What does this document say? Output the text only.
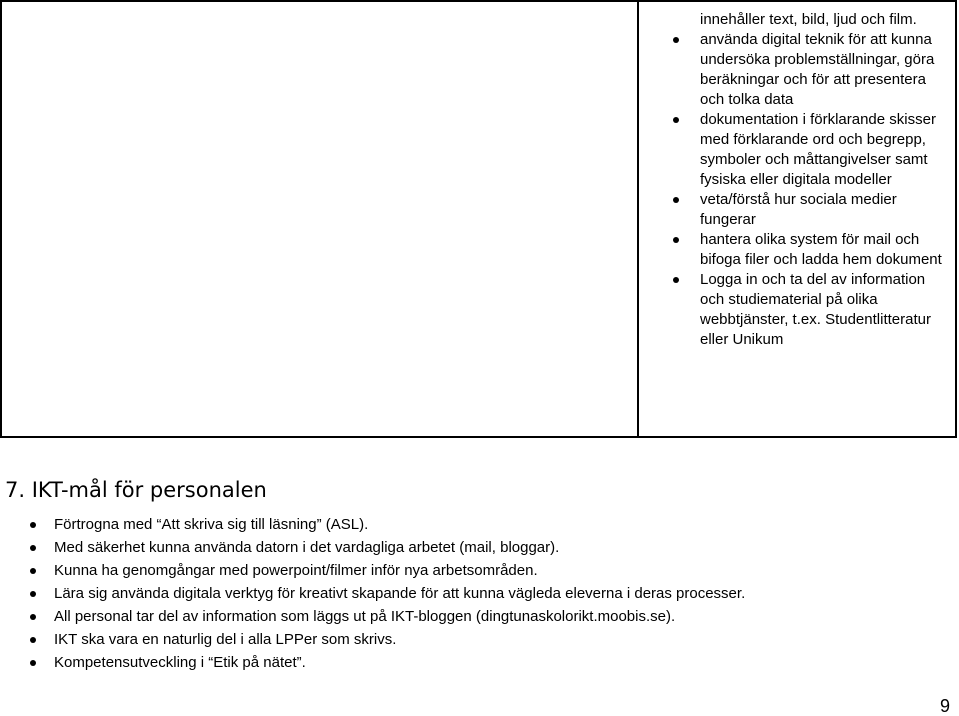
innehåller text, bild, ljud och film.
använda digital teknik för att kunna undersöka problemställningar, göra beräkningar och för att presentera och tolka data
dokumentation i förklarande skisser med förklarande ord och begrepp, symboler och måttangivelser samt fysiska eller digitala modeller
veta/förstå hur sociala medier fungerar
hantera olika system för mail och bifoga filer och ladda hem dokument
Logga in och ta del av information och studiematerial på olika webbtjänster, t.ex. Studentlitteratur eller Unikum
7. IKT-mål för personalen
Förtrogna med “Att skriva sig till läsning” (ASL).
Med säkerhet kunna använda datorn i det vardagliga arbetet (mail, bloggar).
Kunna ha genomgångar med powerpoint/filmer inför nya arbetsområden.
Lära sig använda digitala verktyg för kreativt skapande för att kunna vägleda eleverna i deras processer.
All personal tar del av information som läggs ut på IKT-bloggen (dingtunaskolorikt.moobis.se).
IKT ska vara en naturlig del i alla LPPer som skrivs.
Kompetensutveckling i “Etik på nätet”.
9
